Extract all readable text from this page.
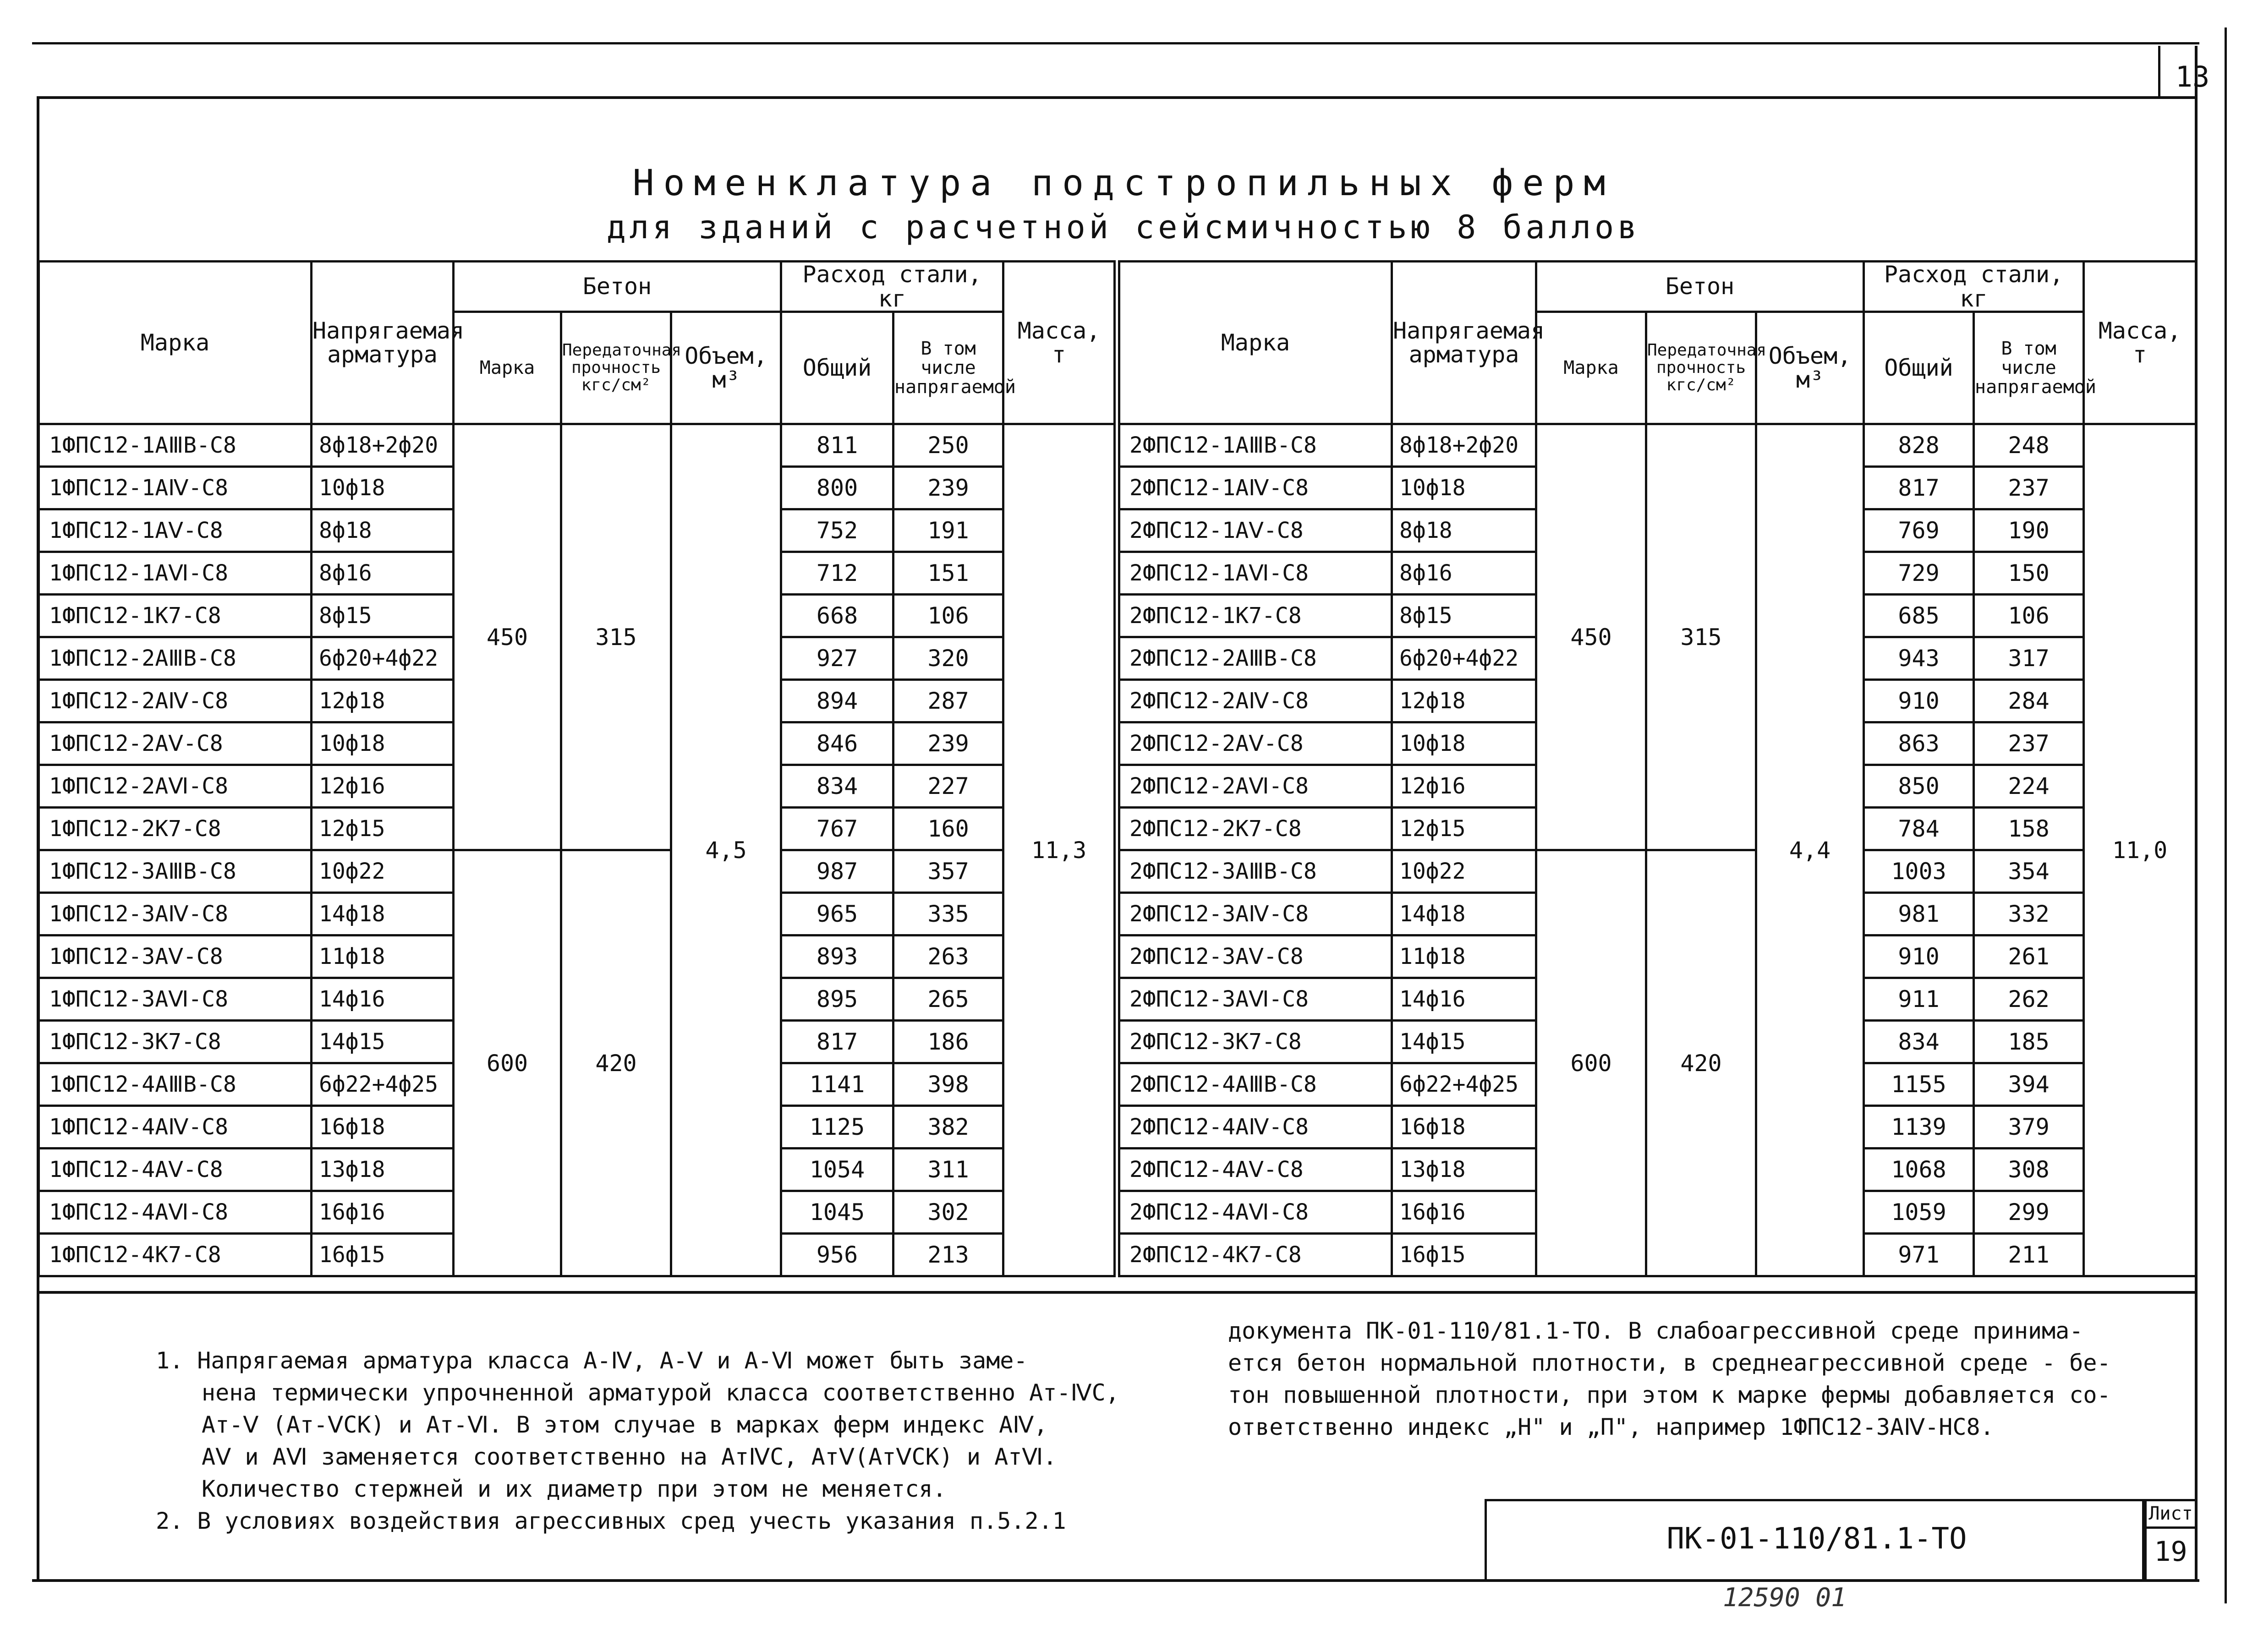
13
Номенклатура подстропильных ферм
для зданий с расчетной сейсмичностью 8 баллов
Марка	Напрягаемая арматура	Бетон			Расход стали, кг		Масса, т
		Марка	Передаточная прочность кгс/см²	Объем, м³	Общий	В том числе напрягаемой	
1ФПС12-1AⅢВ-С8	8ф18+2ф20	450	315	4,5	811	250	11,3
1ФПС12-1AⅣ-С8	10ф18				800	239	
1ФПС12-1AⅤ-С8	8ф18				752	191	
1ФПС12-1AⅥ-С8	8ф16				712	151	
1ФПС12-1К7-С8	8ф15				668	106	
1ФПС12-2AⅢВ-С8	6ф20+4ф22				927	320	
1ФПС12-2AⅣ-С8	12ф18				894	287	
1ФПС12-2AⅤ-С8	10ф18				846	239	
1ФПС12-2AⅥ-С8	12ф16				834	227	
1ФПС12-2К7-С8	12ф15				767	160	
1ФПС12-3AⅢВ-С8	10ф22	600	420		987	357	
1ФПС12-3AⅣ-С8	14ф18				965	335	
1ФПС12-3AⅤ-С8	11ф18				893	263	
1ФПС12-3AⅥ-С8	14ф16				895	265	
1ФПС12-3К7-С8	14ф15				817	186	
1ФПС12-4AⅢВ-С8	6ф22+4ф25				1141	398	
1ФПС12-4AⅣ-С8	16ф18				1125	382	
1ФПС12-4AⅤ-С8	13ф18				1054	311	
1ФПС12-4AⅥ-С8	16ф16				1045	302	
1ФПС12-4К7-С8	16ф15				956	213	
Марка	Напрягаемая арматура	Бетон			Расход стали, кг		Масса, т
		Марка	Передаточная прочность кгс/см²	Объем, м³	Общий	В том числе напрягаемой	
2ФПС12-1AⅢВ-С8	8ф18+2ф20	450	315	4,4	828	248	11,0
2ФПС12-1AⅣ-С8	10ф18				817	237	
2ФПС12-1AⅤ-С8	8ф18				769	190	
2ФПС12-1AⅥ-С8	8ф16				729	150	
2ФПС12-1К7-С8	8ф15				685	106	
2ФПС12-2AⅢВ-С8	6ф20+4ф22				943	317	
2ФПС12-2AⅣ-С8	12ф18				910	284	
2ФПС12-2AⅤ-С8	10ф18				863	237	
2ФПС12-2AⅥ-С8	12ф16				850	224	
2ФПС12-2К7-С8	12ф15				784	158	
2ФПС12-3AⅢВ-С8	10ф22	600	420		1003	354	
2ФПС12-3AⅣ-С8	14ф18				981	332	
2ФПС12-3AⅤ-С8	11ф18				910	261	
2ФПС12-3AⅥ-С8	14ф16				911	262	
2ФПС12-3К7-С8	14ф15				834	185	
2ФПС12-4AⅢВ-С8	6ф22+4ф25				1155	394	
2ФПС12-4AⅣ-С8	16ф18				1139	379	
2ФПС12-4AⅤ-С8	13ф18				1068	308	
2ФПС12-4AⅥ-С8	16ф16				1059	299	
2ФПС12-4К7-С8	16ф15				971	211	
1. Напрягаемая арматура класса A-Ⅳ, A-Ⅴ и A-Ⅵ может быть заме-
нена термически упрочненной арматурой класса соответственно Ат-ⅣС,
Ат-Ⅴ (Ат-ⅤСК) и Ат-Ⅵ. В этом случае в марках ферм индекс AⅣ,
AⅤ и AⅥ заменяется соответственно на АтⅣС, АтⅤ(АтⅤСК) и АтⅥ.
Количество стержней и их диаметр при этом не меняется.
2. В условиях воздействия агрессивных сред учесть указания п.5.2.1
документа ПК-01-110/81.1-ТО. В слабоагрессивной среде принима-
ется бетон нормальной плотности, в среднеагрессивной среде - бе-
тон повышенной плотности, при этом к марке фермы добавляется со-
ответственно индекс „Н" и „П", например 1ФПС12-3AⅣ-НС8.
ПК-01-110/81.1-ТО
Лист
19
12590 01
